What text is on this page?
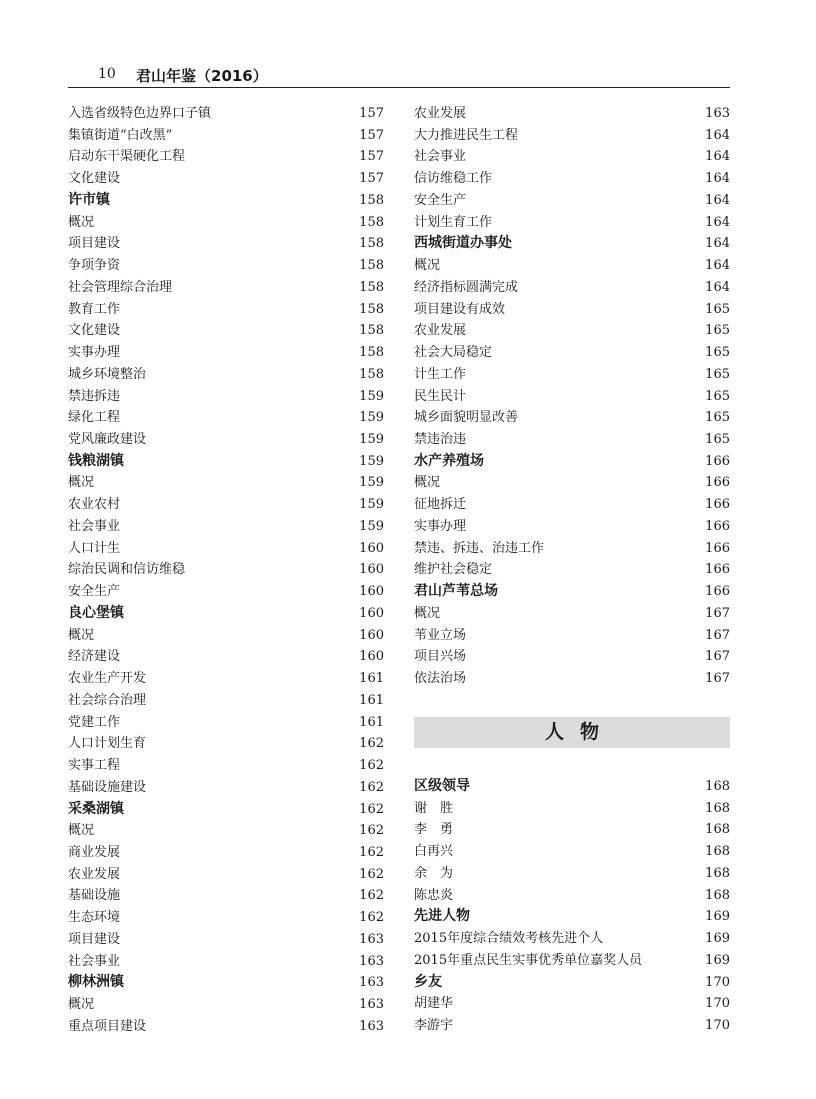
10 君山年鉴（2016）
入选省级特色边界口子镇	157
集镇街道“白改黑”	157
启动东干渠硬化工程	157
文化建设	157
许市镇	158
概况	158
项目建设	158
争项争资	158
社会管理综合治理	158
教育工作	158
文化建设	158
实事办理	158
城乡环境整治	158
禁违拆违	159
绿化工程	159
党风廉政建设	159
钱粮湖镇	159
概况	159
农业农村	159
社会事业	159
人口计生	160
综治民调和信访维稳	160
安全生产	160
良心堡镇	160
概况	160
经济建设	160
农业生产开发	161
社会综合治理	161
党建工作	161
人口计划生育	162
实事工程	162
基础设施建设	162
采桑湖镇	162
概况	162
商业发展	162
农业发展	162
基础设施	162
生态环境	162
项目建设	163
社会事业	163
柳林洲镇	163
概况	163
重点项目建设	163
农业发展	163
大力推进民生工程	164
社会事业	164
信访维稳工作	164
安全生产	164
计划生育工作	164
西城街道办事处	164
概况	164
经济指标圆满完成	164
项目建设有成效	165
农业发展	165
社会大局稳定	165
计生工作	165
民生民计	165
城乡面貌明显改善	165
禁违治违	165
水产养殖场	166
概况	166
征地拆迁	166
实事办理	166
禁违、拆违、治违工作	166
维护社会稳定	166
君山芦苇总场	166
概况	167
苇业立场	167
项目兴场	167
依法治场	167
人物
区级领导	168
谢　胜	168
李　勇	168
白再兴	168
余　为	168
陈忠炎	168
先进人物	169
2015年度综合绩效考核先进个人	169
2015年重点民生实事优秀单位嘉奖人员	169
乡友	170
胡建华	170
李游宇	170
